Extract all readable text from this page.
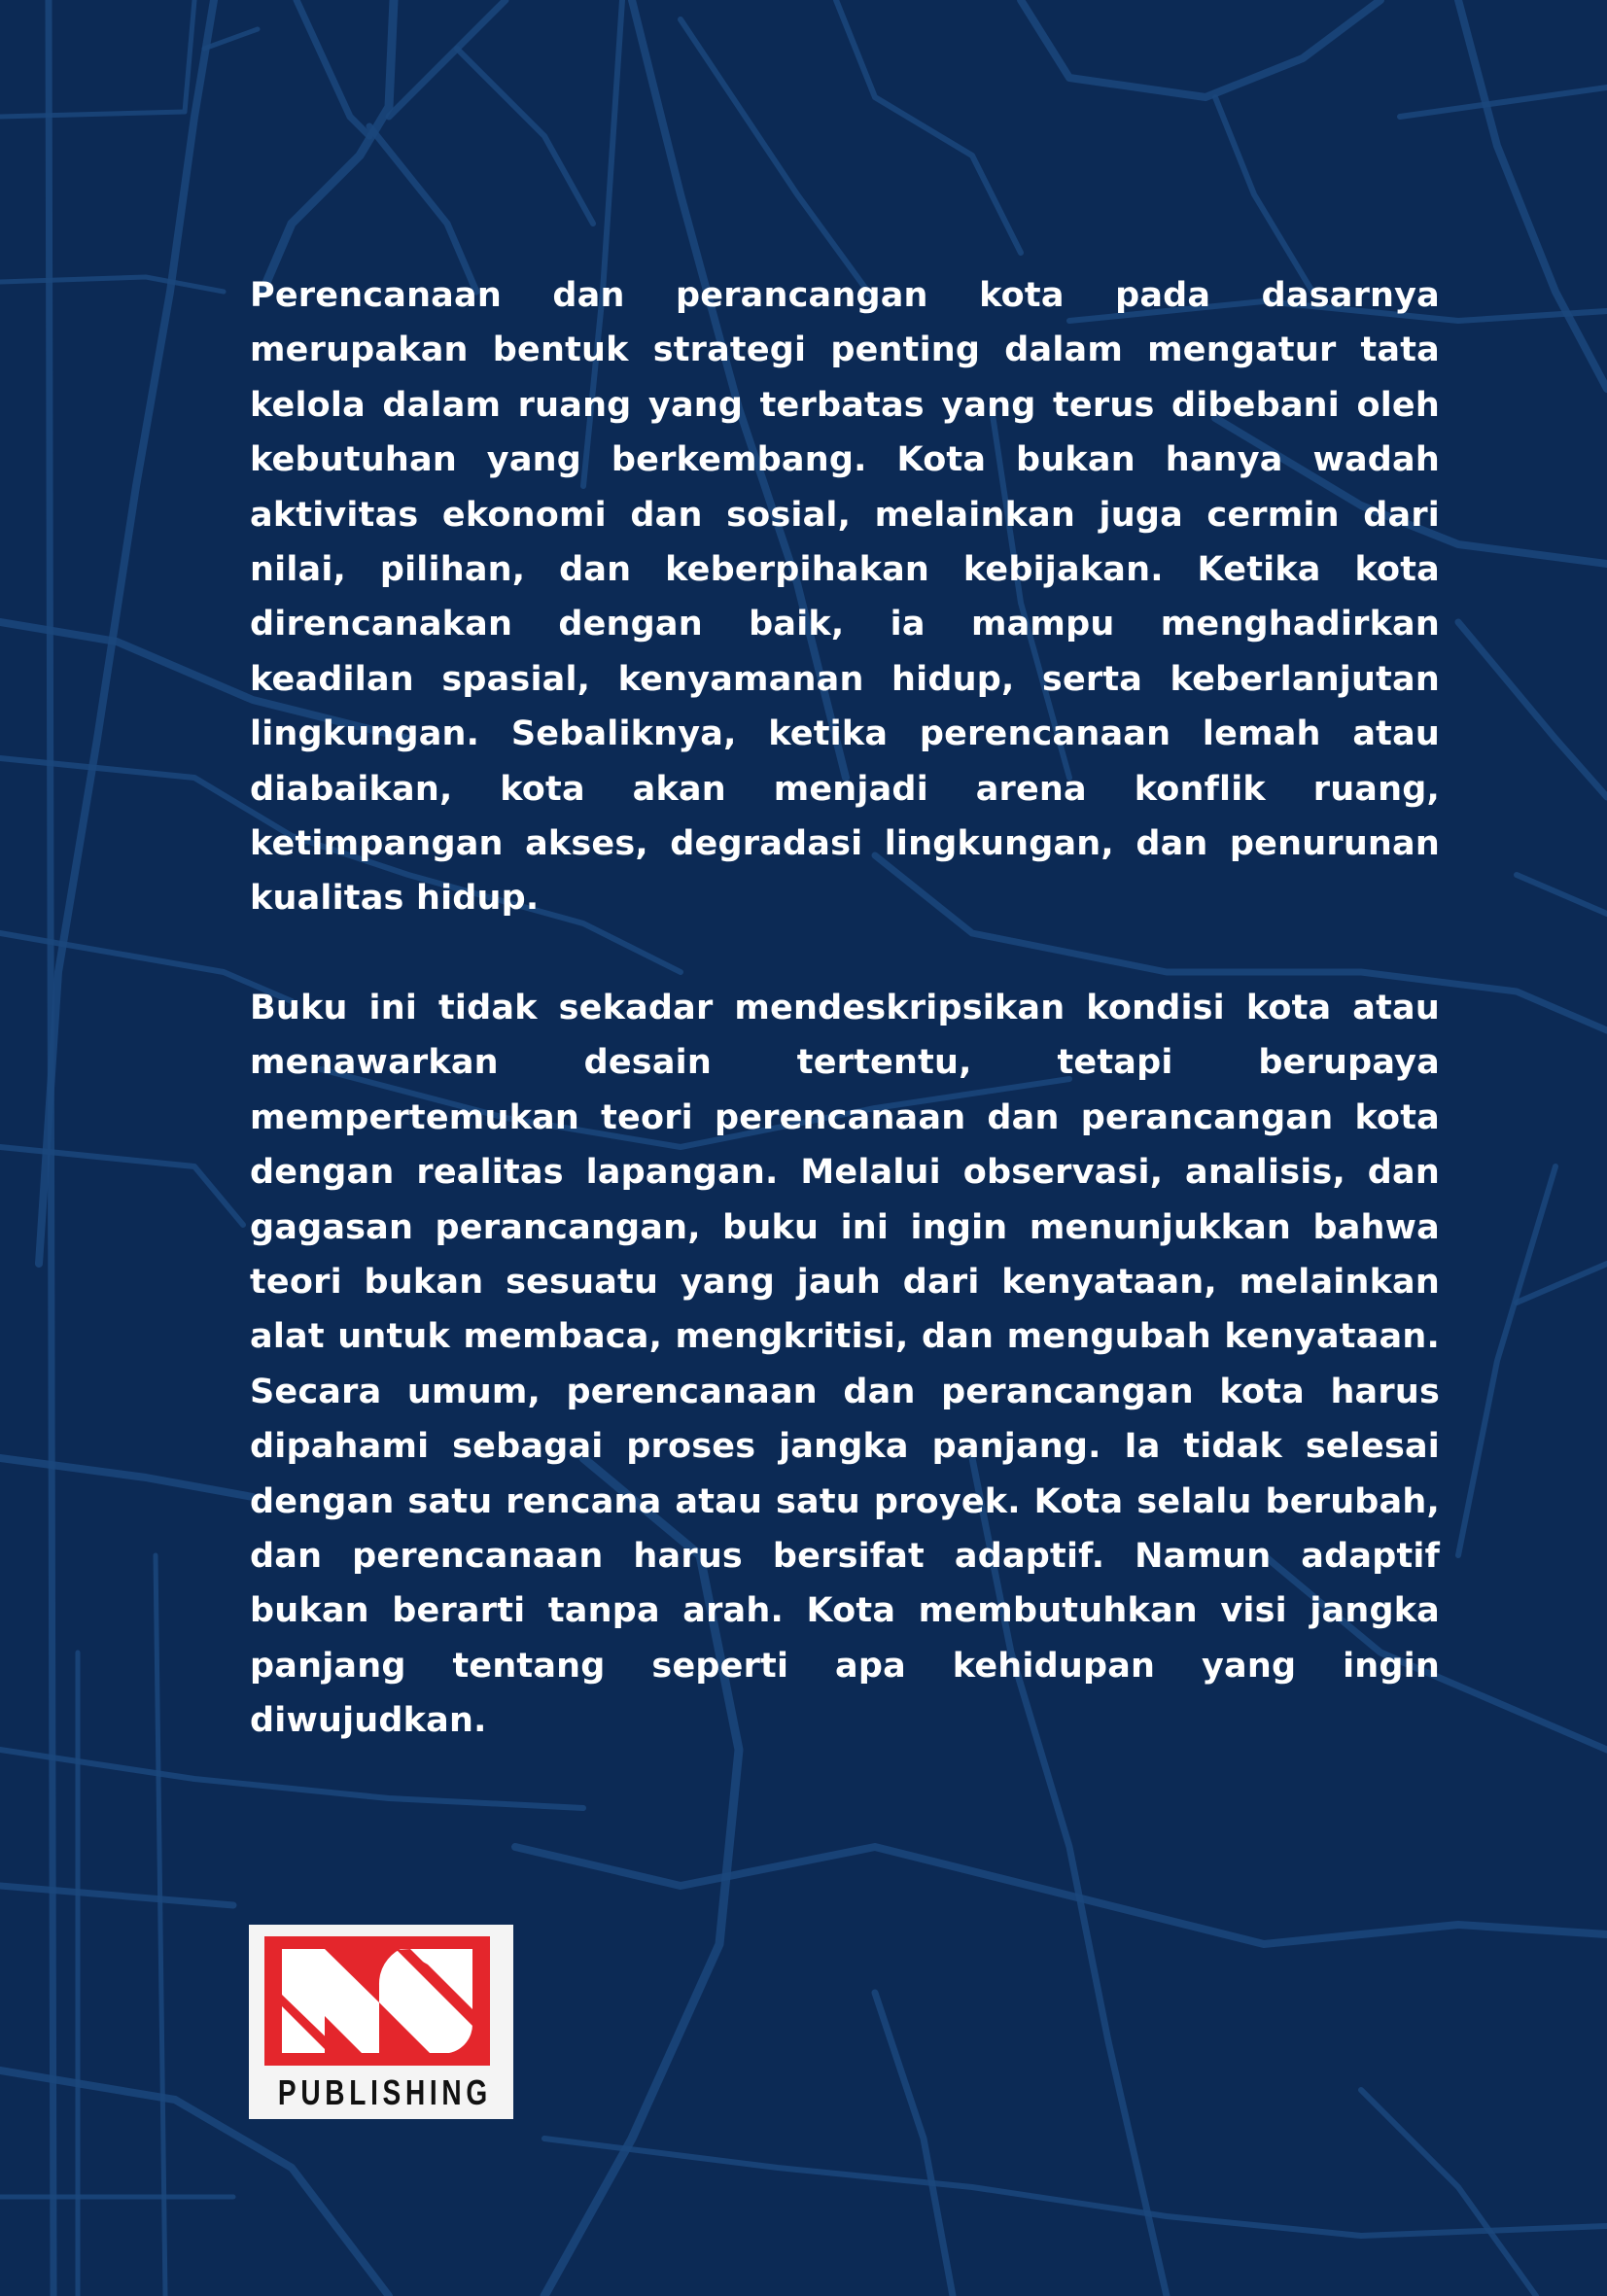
Perencanaan dan perancangan kota pada dasarnya merupakan bentuk strategi penting dalam mengatur tata kelola dalam ruang yang terbatas yang terus dibebani oleh kebutuhan yang berkembang. Kota bukan hanya wadah aktivitas ekonomi dan sosial, melainkan juga cermin dari nilai, pilihan, dan keberpihakan kebijakan. Ketika kota direncanakan dengan baik, ia mampu menghadirkan keadilan spasial, kenyamanan hidup, serta keberlanjutan lingkungan. Sebaliknya, ketika perencanaan lemah atau diabaikan, kota akan menjadi arena konflik ruang, ketimpangan akses, degradasi lingkungan, dan penurunan kualitas hidup.

Buku ini tidak sekadar mendeskripsikan kondisi kota atau menawarkan desain tertentu, tetapi berupaya mempertemukan teori perencanaan dan perancangan kota dengan realitas lapangan. Melalui observasi, analisis, dan gagasan perancangan, buku ini ingin menunjukkan bahwa teori bukan sesuatu yang jauh dari kenyataan, melainkan alat untuk membaca, mengkritisi, dan mengubah kenyataan. Secara umum, perencanaan dan perancangan kota harus dipahami sebagai proses jangka panjang. Ia tidak selesai dengan satu rencana atau satu proyek. Kota selalu berubah, dan perencanaan harus bersifat adaptif. Namun adaptif bukan berarti tanpa arah. Kota membutuhkan visi jangka panjang tentang seperti apa kehidupan yang ingin diwujudkan.

PUBLISHING
